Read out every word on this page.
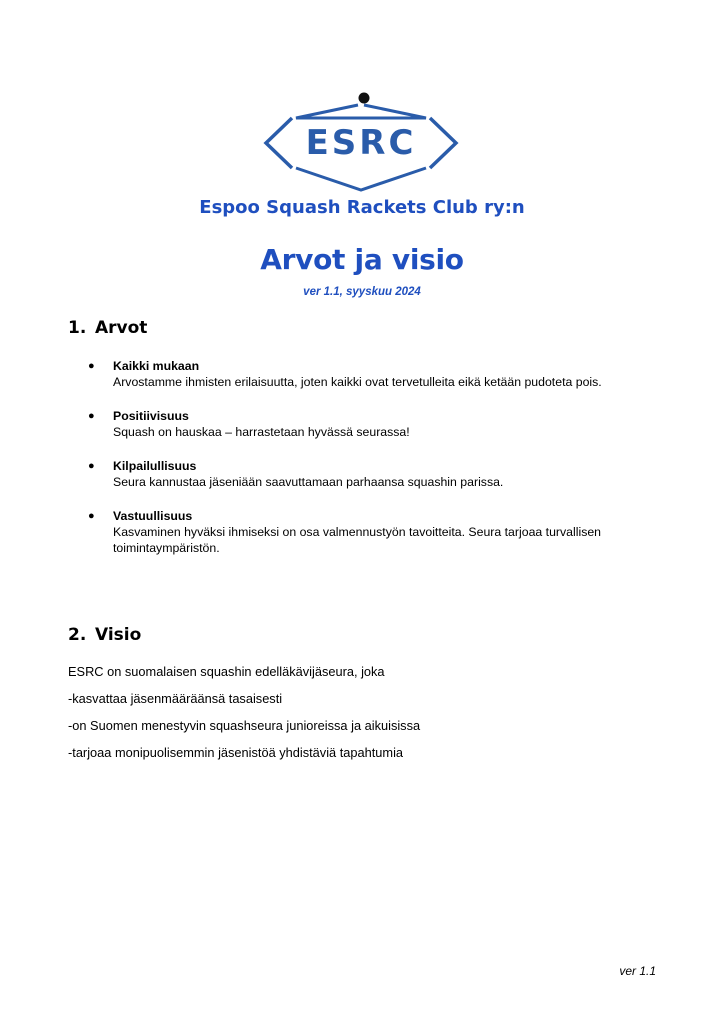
ESRC
Espoo Squash Rackets Club ry:n
Arvot ja visio
ver 1.1, syyskuu 2024
1. Arvot
● Kaikki mukaan
Arvostamme ihmisten erilaisuutta, joten kaikki ovat tervetulleita eikä ketään pudoteta pois.
● Positiivisuus
Squash on hauskaa – harrastetaan hyvässä seurassa!
● Kilpailullisuus
Seura kannustaa jäseniään saavuttamaan parhaansa squashin parissa.
● Vastuullisuus
Kasvaminen hyväksi ihmiseksi on osa valmennustyön tavoitteita. Seura tarjoaa turvallisen toimintaympäristön.
2. Visio

ESRC on suomalaisen squashin edelläkävijäseura, joka

-kasvattaa jäsenmääräänsä tasaisesti

-on Suomen menestyvin squashseura junioreissa ja aikuisissa

-tarjoaa monipuolisemmin jäsenistöä yhdistäviä tapahtumia

ver 1.1
